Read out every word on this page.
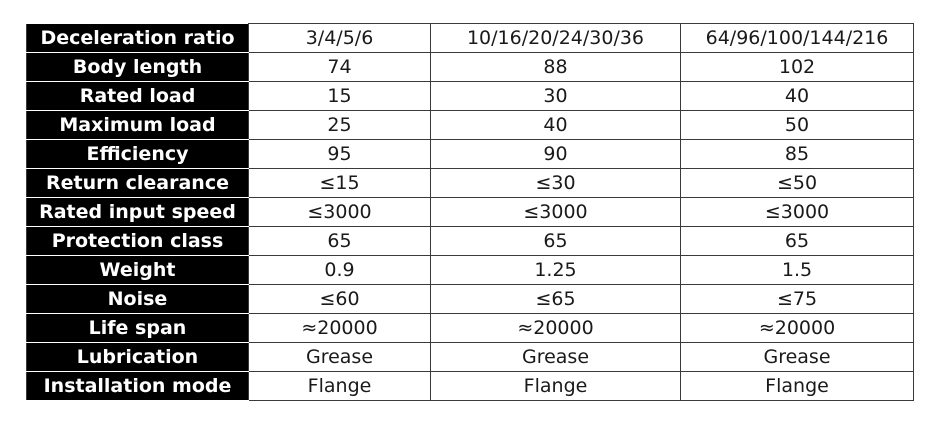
Deceleration ratio	3/4/5/6	10/16/20/24/30/36	64/96/100/144/216
Body length	74	88	102
Rated load	15	30	40
Maximum load	25	40	50
Efficiency	95	90	85
Return clearance	≤15	≤30	≤50
Rated input speed	≤3000	≤3000	≤3000
Protection class	65	65	65
Weight	0.9	1.25	1.5
Noise	≤60	≤65	≤75
Life span	≈20000	≈20000	≈20000
Lubrication	Grease	Grease	Grease
Installation mode	Flange	Flange	Flange
